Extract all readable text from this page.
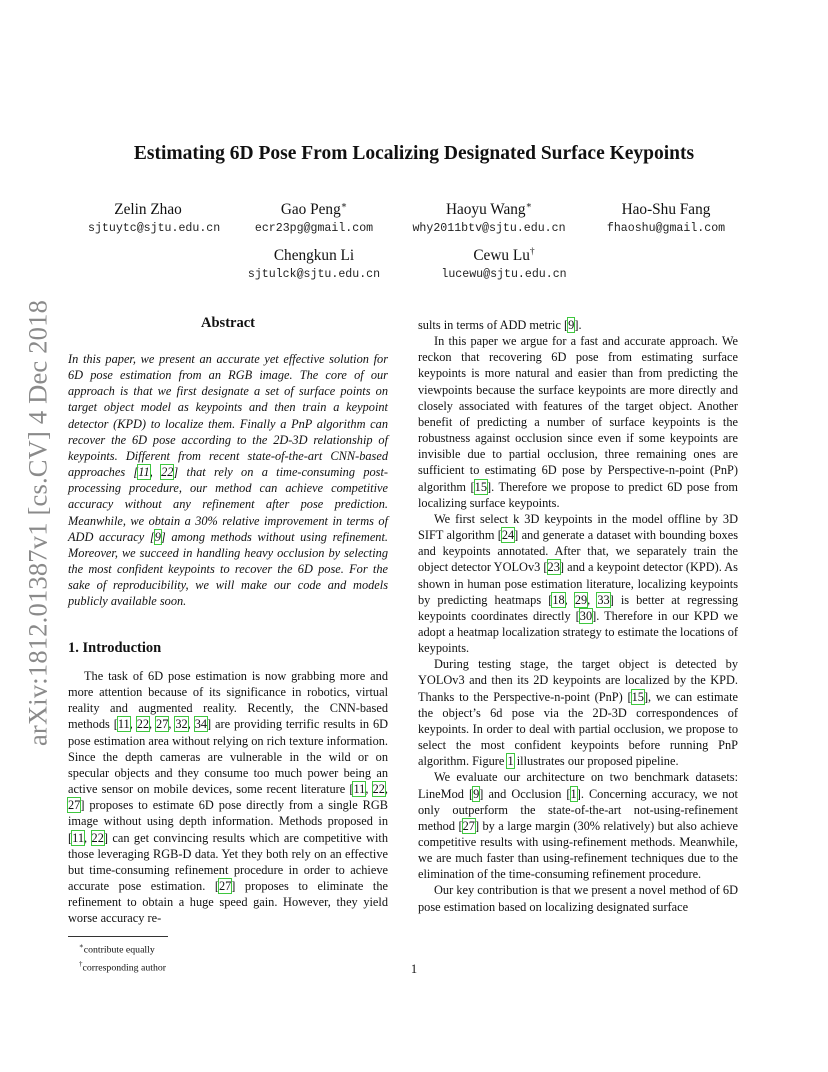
arXiv:1812.01387v1 [cs.CV] 4 Dec 2018
Estimating 6D Pose From Localizing Designated Surface Keypoints
Zelin Zhao
sjtuytc@sjtu.edu.cn
Gao Peng∗
ecr23pg@gmail.com
Haoyu Wang∗
why2011btv@sjtu.edu.cn
Hao-Shu Fang
fhaoshu@gmail.com
Chengkun Li
sjtulck@sjtu.edu.cn
Cewu Lu†
lucewu@sjtu.edu.cn
Abstract

In this paper, we present an accurate yet effective solution for 6D pose estimation from an RGB image. The core of our approach is that we first designate a set of surface points on target object model as keypoints and then train a keypoint detector (KPD) to localize them. Finally a PnP algorithm can recover the 6D pose according to the 2D-3D relationship of keypoints. Different from recent state-of-the-art CNN-based approaches [11, 22] that rely on a time-consuming post-processing procedure, our method can achieve competitive accuracy without any refinement after pose prediction. Meanwhile, we obtain a 30% relative improvement in terms of ADD accuracy [9] among methods without using refinement. Moreover, we succeed in handling heavy occlusion by selecting the most confident keypoints to recover the 6D pose. For the sake of reproducibility, we will make our code and models publicly available soon.

1. Introduction

The task of 6D pose estimation is now grabbing more and more attention because of its significance in robotics, virtual reality and augmented reality. Recently, the CNN-based methods [11, 22, 27, 32, 34] are providing terrific results in 6D pose estimation area without relying on rich texture information. Since the depth cameras are vulnerable in the wild or on specular objects and they consume too much power being an active sensor on mobile devices, some recent literature [11, 22, 27] proposes to estimate 6D pose directly from a single RGB image without using depth information. Methods proposed in [11, 22] can get convincing results which are competitive with those leveraging RGB-D data. Yet they both rely on an effective but time-consuming refinement procedure in order to achieve accurate pose estimation. [27] proposes to eliminate the refinement to obtain a huge speed gain. However, they yield worse accuracy re-

∗contribute equally
†corresponding author

sults in terms of ADD metric [9].

In this paper we argue for a fast and accurate approach. We reckon that recovering 6D pose from estimating surface keypoints is more natural and easier than from predicting the viewpoints because the surface keypoints are more directly and closely associated with features of the target object. Another benefit of predicting a number of surface keypoints is the robustness against occlusion since even if some keypoints are invisible due to partial occlusion, three remaining ones are sufficient to estimating 6D pose by Perspective-n-point (PnP) algorithm [15]. Therefore we propose to predict 6D pose from localizing surface keypoints.

We first select k 3D keypoints in the model offline by 3D SIFT algorithm [24] and generate a dataset with bounding boxes and keypoints annotated. After that, we separately train the object detector YOLOv3 [23] and a keypoint detector (KPD). As shown in human pose estimation literature, localizing keypoints by predicting heatmaps [18, 29, 33] is better at regressing keypoints coordinates directly [30]. Therefore in our KPD we adopt a heatmap localization strategy to estimate the locations of keypoints.

During testing stage, the target object is detected by YOLOv3 and then its 2D keypoints are localized by the KPD. Thanks to the Perspective-n-point (PnP) [15], we can estimate the object’s 6d pose via the 2D-3D correspondences of keypoints. In order to deal with partial occlusion, we propose to select the most confident keypoints before running PnP algorithm. Figure 1 illustrates our proposed pipeline.

We evaluate our architecture on two benchmark datasets: LineMod [9] and Occlusion [1]. Concerning accuracy, we not only outperform the state-of-the-art not-using-refinement method [27] by a large margin (30% relatively) but also achieve competitive results with using-refinement methods. Meanwhile, we are much faster than using-refinement techniques due to the elimination of the time-consuming refinement procedure.

Our key contribution is that we present a novel method of 6D pose estimation based on localizing designated surface

1
